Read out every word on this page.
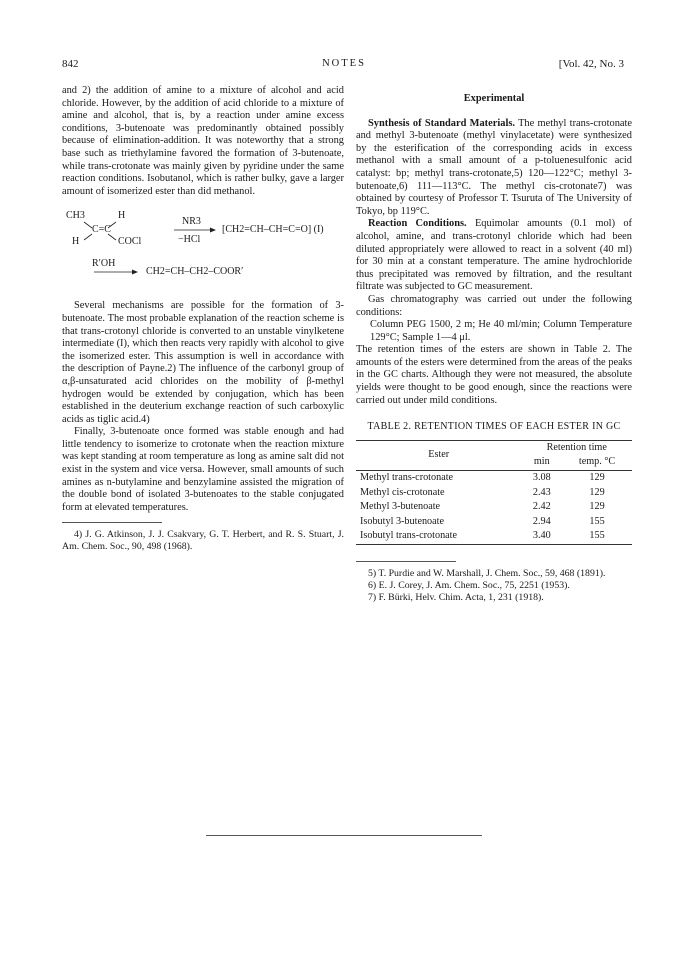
NOTES
842	[Vol. 42, No. 3

and 2) the addition of amine to a mixture of alcohol and acid chloride. However, by the addition of acid chloride to a mixture of amine and alcohol, that is, by a reaction under amine excess conditions, 3-butenoate was predominantly obtained possibly because of elimination-addition. It was noteworthy that a strong base such as triethylamine favored the formation of 3-butenoate, while trans-crotonate was mainly given by pyridine under the same reaction conditions. Isobutanol, which is rather bulky, gave a larger amount of isomerized ester than did methanol.

CH3	H
C=C
H	COCl
NR3
−HCl
[CH2=CH–CH=C=O] (I)
R′OH
CH2=CH–CH2–COOR′

Several mechanisms are possible for the formation of 3-butenoate. The most probable explanation of the reaction scheme is that trans-crotonyl chloride is converted to an unstable vinylketene intermediate (I), which then reacts very rapidly with alcohol to give the isomerized ester. This assumption is well in accordance with the description of Payne.2) The influence of the carbonyl group of α,β-unsaturated acid chlorides on the mobility of β-methyl hydrogen would be extended by conjugation, which has been established in the deuterium exchange reaction of such carboxylic acids as tiglic acid.4)

Finally, 3-butenoate once formed was stable enough and had little tendency to isomerize to crotonate when the reaction mixture was kept standing at room temperature as long as amine salt did not exist in the system and vice versa. However, small amounts of such amines as n-butylamine and benzylamine assisted the migration of the double bond of isolated 3-butenoates to the stable conjugated form at elevated temperatures.

4) J. G. Atkinson, J. J. Csakvary, G. T. Herbert, and R. S. Stuart, J. Am. Chem. Soc., 90, 498 (1968).

Experimental

Synthesis of Standard Materials. The methyl trans-crotonate and methyl 3-butenoate (methyl vinylacetate) were synthesized by the esterification of the corresponding acids in excess methanol with a small amount of a p-toluenesulfonic acid catalyst: bp; methyl trans-crotonate,5) 120—122°C; methyl 3-butenoate,6) 111—113°C. The methyl cis-crotonate7) was obtained by courtesy of Professor T. Tsuruta of The University of Tokyo, bp 119°C.

Reaction Conditions. Equimolar amounts (0.1 mol) of alcohol, amine, and trans-crotonyl chloride which had been diluted appropriately were allowed to react in a solvent (40 ml) for 30 min at a constant temperature. The amine hydrochloride thus precipitated was removed by filtration, and the resultant filtrate was subjected to GC measurement.

Gas chromatography was carried out under the following conditions:

Column PEG 1500, 2 m; He 40 ml/min; Column Temperature 129°C; Sample 1—4 μl.

The retention times of the esters are shown in Table 2. The amounts of the esters were determined from the areas of the peaks in the GC charts. Although they were not measured, the absolute yields were thought to be good enough, since the reactions were carried out under mild conditions.

TABLE 2. RETENTION TIMES OF EACH ESTER IN GC
Ester	Retention time	
	min	temp. °C
Methyl trans-crotonate	3.08	129
Methyl cis-crotonate	2.43	129
Methyl 3-butenoate	2.42	129
Isobutyl 3-butenoate	2.94	155
Isobutyl trans-crotonate	3.40	155

5) T. Purdie and W. Marshall, J. Chem. Soc., 59, 468 (1891).

6) E. J. Corey, J. Am. Chem. Soc., 75, 2251 (1953).

7) F. Bürki, Helv. Chim. Acta, 1, 231 (1918).
